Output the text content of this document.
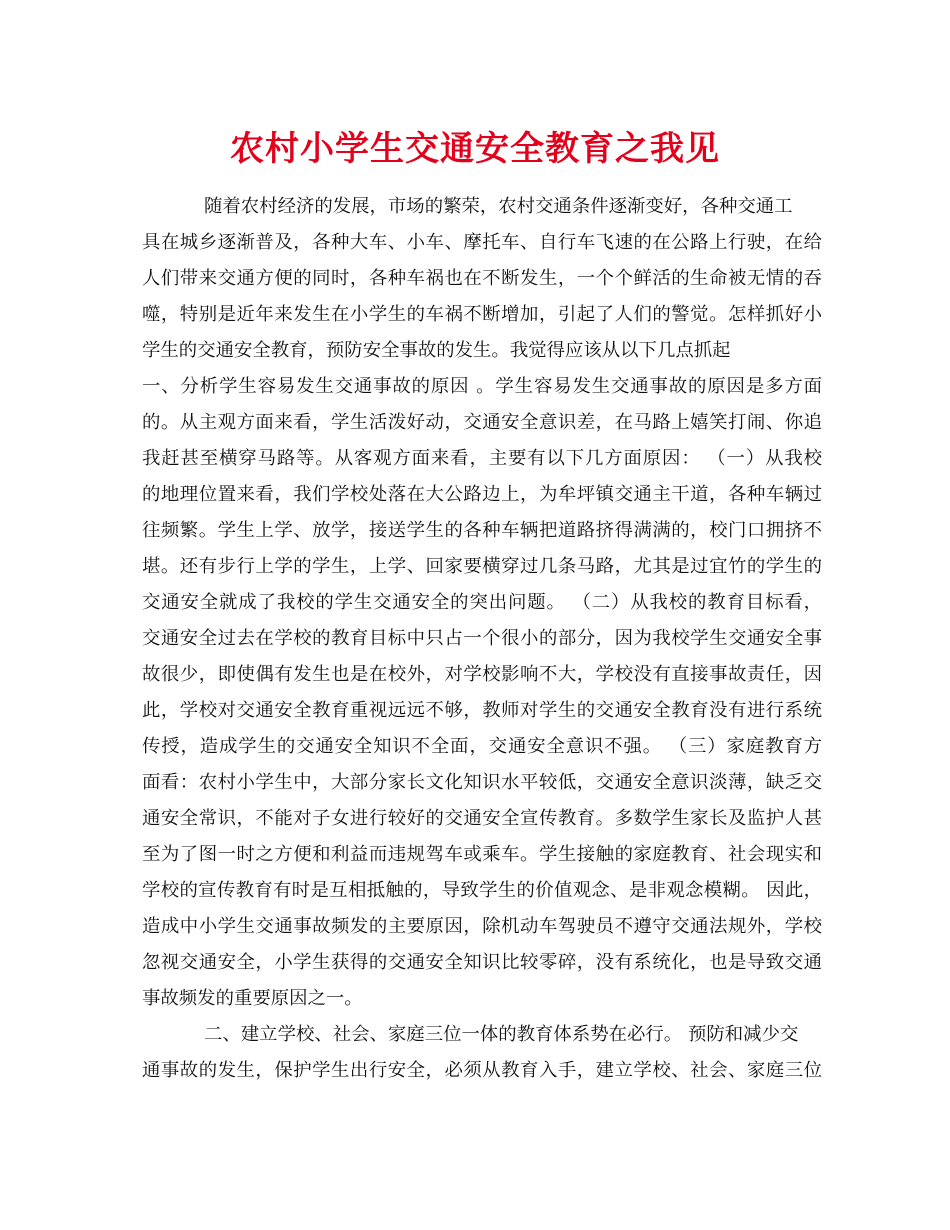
农村小学生交通安全教育之我见
随着农村经济的发展，市场的繁荣，农村交通条件逐渐变好，各种交通工
具在城乡逐渐普及，各种大车、小车、摩托车、自行车飞速的在公路上行驶，在给
人们带来交通方便的同时，各种车祸也在不断发生，一个个鲜活的生命被无情的吞
噬，特别是近年来发生在小学生的车祸不断增加，引起了人们的警觉。怎样抓好小
学生的交通安全教育，预防安全事故的发生。我觉得应该从以下几点抓起
一、分析学生容易发生交通事故的原因 。学生容易发生交通事故的原因是多方面
的。从主观方面来看，学生活泼好动，交通安全意识差，在马路上嬉笑打闹、你追
我赶甚至横穿马路等。从客观方面来看，主要有以下几方面原因： （一）从我校
的地理位置来看，我们学校处落在大公路边上，为牟坪镇交通主干道，各种车辆过
往频繁。学生上学、放学，接送学生的各种车辆把道路挤得满满的，校门口拥挤不
堪。还有步行上学的学生，上学、回家要横穿过几条马路，尤其是过宜竹的学生的
交通安全就成了我校的学生交通安全的突出问题。 （二）从我校的教育目标看，
交通安全过去在学校的教育目标中只占一个很小的部分，因为我校学生交通安全事
故很少，即使偶有发生也是在校外，对学校影响不大，学校没有直接事故责任，因
此，学校对交通安全教育重视远远不够，教师对学生的交通安全教育没有进行系统
传授，造成学生的交通安全知识不全面，交通安全意识不强。 （三）家庭教育方
面看：农村小学生中，大部分家长文化知识水平较低，交通安全意识淡薄，缺乏交
通安全常识，不能对子女进行较好的交通安全宣传教育。多数学生家长及监护人甚
至为了图一时之方便和利益而违规驾车或乘车。学生接触的家庭教育、社会现实和
学校的宣传教育有时是互相抵触的，导致学生的价值观念、是非观念模糊。 因此，
造成中小学生交通事故频发的主要原因，除机动车驾驶员不遵守交通法规外，学校
忽视交通安全，小学生获得的交通安全知识比较零碎，没有系统化，也是导致交通
事故频发的重要原因之一。
二、建立学校、社会、家庭三位一体的教育体系势在必行。 预防和减少交
通事故的发生，保护学生出行安全，必须从教育入手，建立学校、社会、家庭三位
